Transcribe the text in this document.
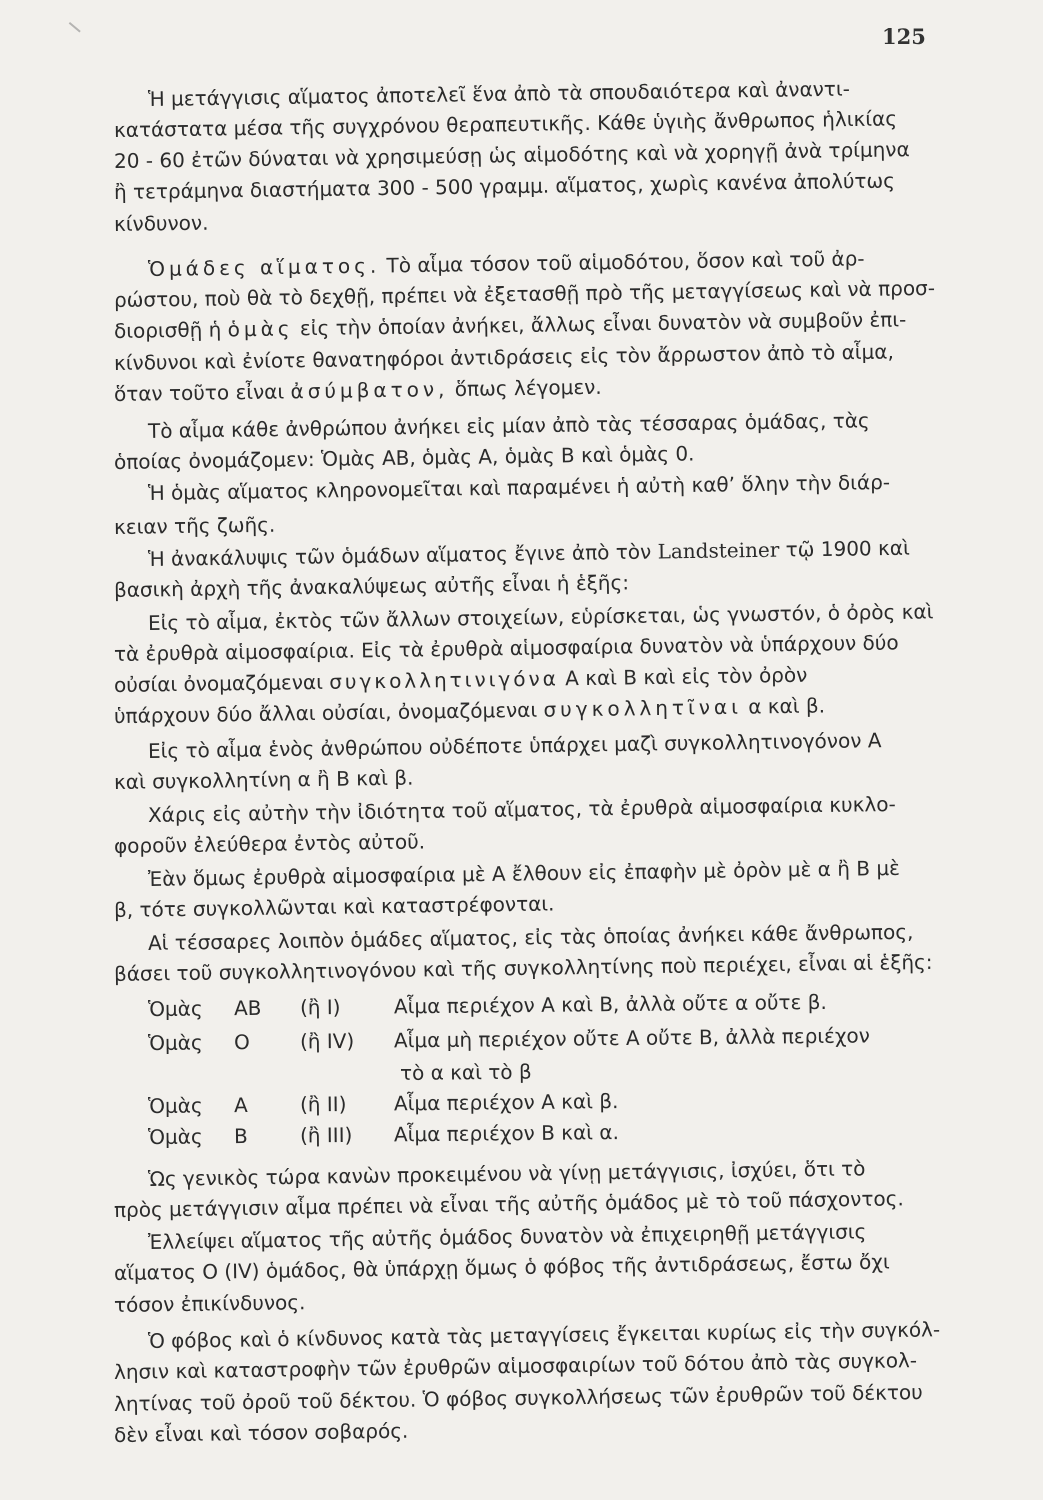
125
Ἡ μετάγγισις αἵματος ἀποτελεῖ ἕνα ἀπὸ τὰ σπουδαιότερα καὶ ἀναντι-
κατάστατα μέσα τῆς συγχρόνου θεραπευτικῆς. Κάθε ὑγιὴς ἄνθρωπος ἡλικίας
20 - 60 ἐτῶν δύναται νὰ χρησιμεύσῃ ὡς αἱμοδότης καὶ νὰ χορηγῇ ἀνὰ τρίμηνα
ἢ τετράμηνα διαστήματα 300 - 500 γραμμ. αἵματος, χωρὶς κανένα ἀπολύτως
κίνδυνον.
Ὁμάδες αἵματος. Τὸ αἷμα τόσον τοῦ αἱμοδότου, ὅσον καὶ τοῦ ἀρ-
ρώστου, ποὺ θὰ τὸ δεχθῇ, πρέπει νὰ ἐξετασθῇ πρὸ τῆς μεταγγίσεως καὶ νὰ προσ-
διορισθῇ ἡ ὁμὰς εἰς τὴν ὁποίαν ἀνήκει, ἄλλως εἶναι δυνατὸν νὰ συμβοῦν ἐπι-
κίνδυνοι καὶ ἐνίοτε θανατηφόροι ἀντιδράσεις εἰς τὸν ἄρρωστον ἀπὸ τὸ αἷμα,
ὅταν τοῦτο εἶναι ἀσύμβατον, ὅπως λέγομεν.
Τὸ αἷμα κάθε ἀνθρώπου ἀνήκει εἰς μίαν ἀπὸ τὰς τέσσαρας ὁμάδας, τὰς
ὁποίας ὀνομάζομεν: Ὁμὰς ΑΒ, ὁμὰς Α, ὁμὰς Β καὶ ὁμὰς 0.
Ἡ ὁμὰς αἵματος κληρονομεῖται καὶ παραμένει ἡ αὐτὴ καθ’ ὅλην τὴν διάρ-
κειαν τῆς ζωῆς.
Ἡ ἀνακάλυψις τῶν ὁμάδων αἵματος ἔγινε ἀπὸ τὸν Landsteiner τῷ 1900 καὶ
βασικὴ ἀρχὴ τῆς ἀνακαλύψεως αὐτῆς εἶναι ἡ ἑξῆς:
Εἰς τὸ αἷμα, ἐκτὸς τῶν ἄλλων στοιχείων, εὑρίσκεται, ὡς γνωστόν, ὁ ὀρὸς καὶ
τὰ ἐρυθρὰ αἱμοσφαίρια. Εἰς τὰ ἐρυθρὰ αἱμοσφαίρια δυνατὸν νὰ ὑπάρχουν δύο
οὐσίαι ὀνομαζόμεναι συγκολλητινιγόνα Α καὶ Β καὶ εἰς τὸν ὀρὸν
ὑπάρχουν δύο ἄλλαι οὐσίαι, ὀνομαζόμεναι συγκολλητῖναι α καὶ β.
Εἰς τὸ αἷμα ἑνὸς ἀνθρώπου οὐδέποτε ὑπάρχει μαζὶ συγκολλητινογόνον Α
καὶ συγκολλητίνη α ἢ Β καὶ β.
Χάρις εἰς αὐτὴν τὴν ἰδιότητα τοῦ αἵματος, τὰ ἐρυθρὰ αἱμοσφαίρια κυκλο-
φοροῦν ἐλεύθερα ἐντὸς αὐτοῦ.
Ἐὰν ὅμως ἐρυθρὰ αἱμοσφαίρια μὲ Α ἔλθουν εἰς ἐπαφὴν μὲ ὀρὸν μὲ α ἢ Β μὲ
β, τότε συγκολλῶνται καὶ καταστρέφονται.
Αἱ τέσσαρες λοιπὸν ὁμάδες αἵματος, εἰς τὰς ὁποίας ἀνήκει κάθε ἄνθρωπος,
βάσει τοῦ συγκολλητινογόνου καὶ τῆς συγκολλητίνης ποὺ περιέχει, εἶναι αἱ ἑξῆς:
Ὁμὰς ΑΒ (ἢ I)	Αἷμα περιέχον Α καὶ Β, ἀλλὰ οὔτε α οὔτε β.
Ὁμὰς Ο (ἢ IV) Αἷμα μὴ περιέχον οὔτε Α οὔτε Β, ἀλλὰ περιέχον
τὸ α καὶ τὸ β
Ὁμὰς Α	(ἢ II) Αἷμα περιέχον Α καὶ β.
Ὁμὰς Β	(ἢ III) Αἷμα περιέχον Β καὶ α.
Ὡς γενικὸς τώρα κανὼν προκειμένου νὰ γίνῃ μετάγγισις, ἰσχύει, ὅτι τὸ
πρὸς μετάγγισιν αἷμα πρέπει νὰ εἶναι τῆς αὐτῆς ὁμάδος μὲ τὸ τοῦ πάσχοντος.
Ἐλλείψει αἵματος τῆς αὐτῆς ὁμάδος δυνατὸν νὰ ἐπιχειρηθῇ μετάγγισις
αἵματος Ο (IV) ὁμάδος, θὰ ὑπάρχῃ ὅμως ὁ φόβος τῆς ἀντιδράσεως, ἔστω ὄχι
τόσον ἐπικίνδυνος.
Ὁ φόβος καὶ ὁ κίνδυνος κατὰ τὰς μεταγγίσεις ἔγκειται κυρίως εἰς τὴν συγκόλ-
λησιν καὶ καταστροφὴν τῶν ἐρυθρῶν αἱμοσφαιρίων τοῦ δότου ἀπὸ τὰς συγκολ-
λητίνας τοῦ ὀροῦ τοῦ δέκτου. Ὁ φόβος συγκολλήσεως τῶν ἐρυθρῶν τοῦ δέκτου
δὲν εἶναι καὶ τόσον σοβαρός.
